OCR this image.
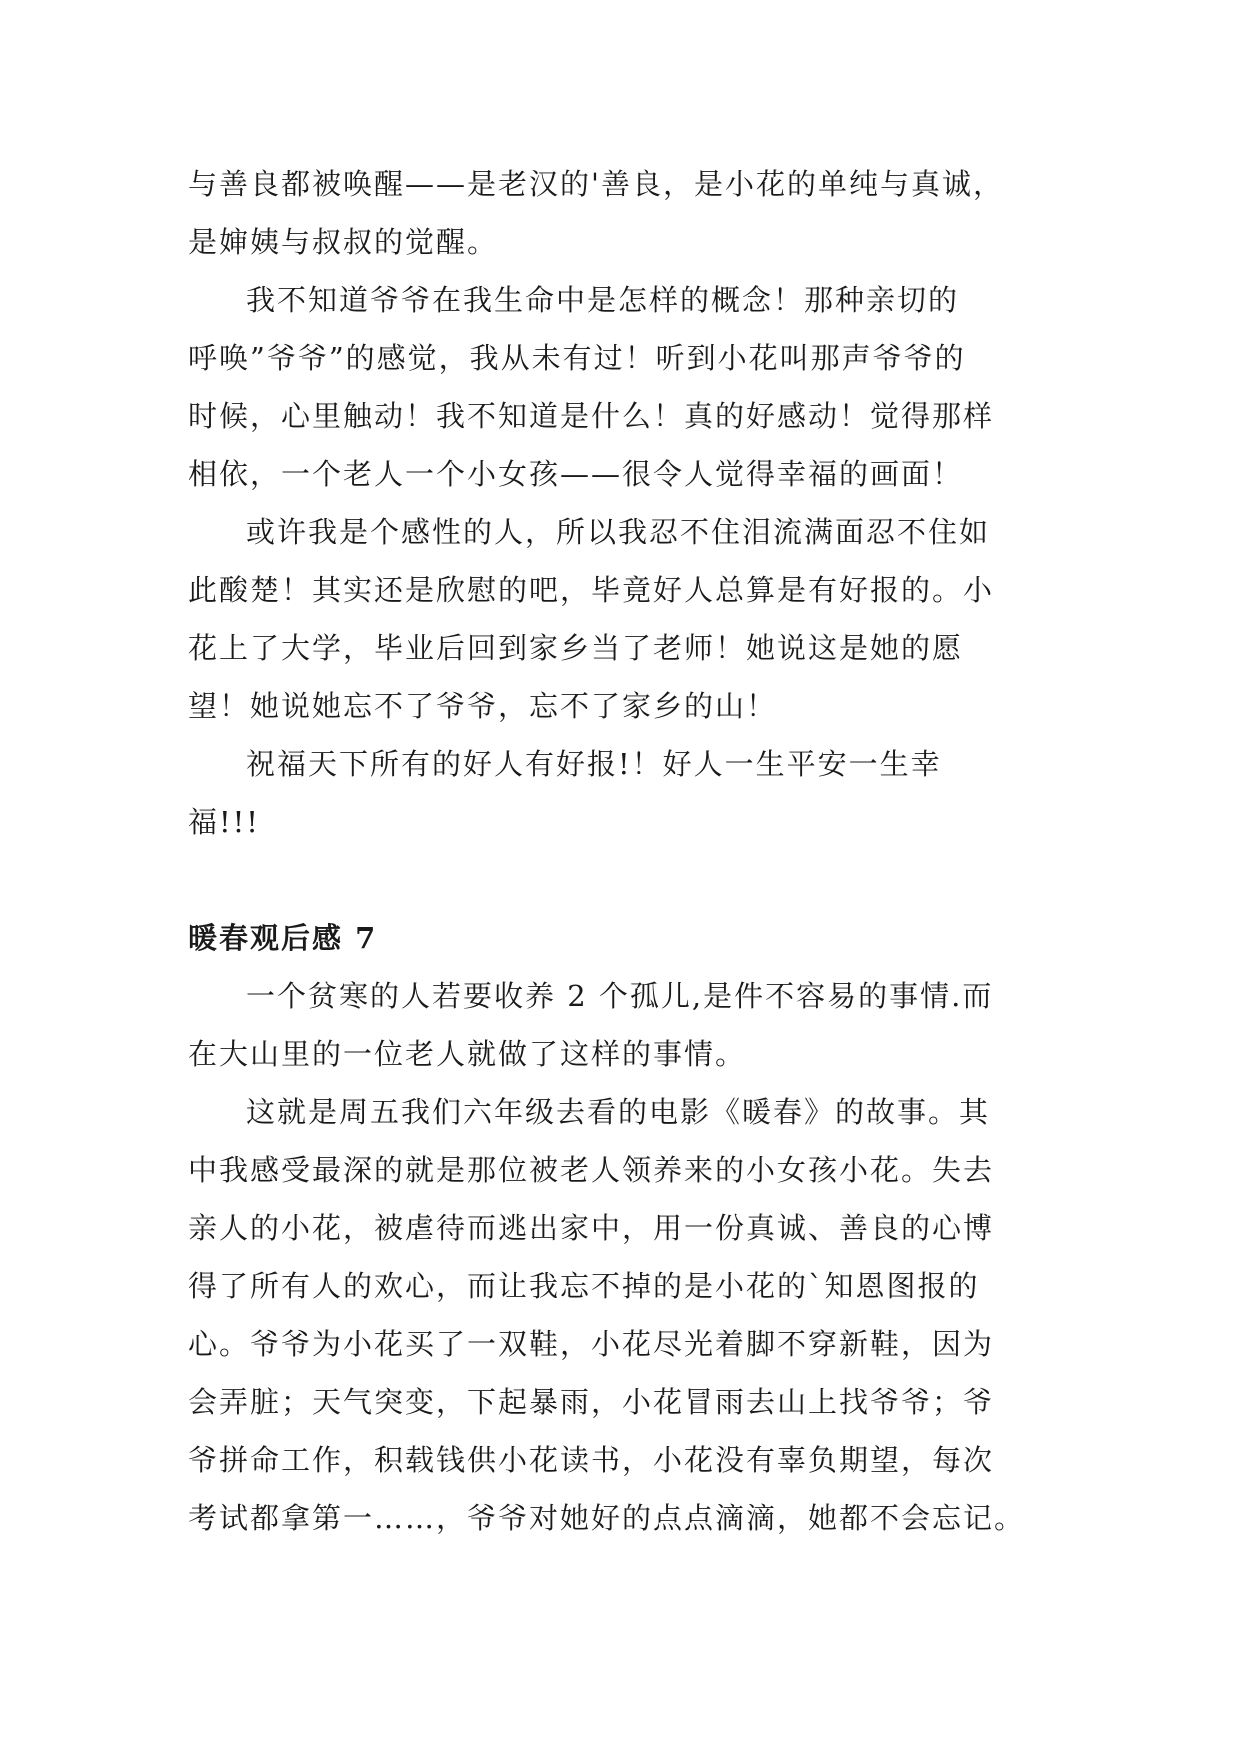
与善良都被唤醒——是老汉的'善良，是小花的单纯与真诚，
是婶姨与叔叔的觉醒。

我不知道爷爷在我生命中是怎样的概念！那种亲切的
呼唤”爷爷”的感觉，我从未有过！听到小花叫那声爷爷的
时候，心里触动！我不知道是什么！真的好感动！觉得那样
相依，一个老人一个小女孩——很令人觉得幸福的画面！

或许我是个感性的人，所以我忍不住泪流满面忍不住如
此酸楚！其实还是欣慰的吧，毕竟好人总算是有好报的。小
花上了大学，毕业后回到家乡当了老师！她说这是她的愿
望！她说她忘不了爷爷，忘不了家乡的山！

祝福天下所有的好人有好报!！好人一生平安一生幸
福!!!

暖春观后感 7

一个贫寒的人若要收养 2 个孤儿,是件不容易的事情.而
在大山里的一位老人就做了这样的事情。

这就是周五我们六年级去看的电影《暖春》的故事。其
中我感受最深的就是那位被老人领养来的小女孩小花。失去
亲人的小花，被虐待而逃出家中，用一份真诚、善良的心博
得了所有人的欢心，而让我忘不掉的是小花的`知恩图报的
心。爷爷为小花买了一双鞋，小花尽光着脚不穿新鞋，因为
会弄脏；天气突变，下起暴雨，小花冒雨去山上找爷爷；爷
爷拼命工作，积载钱供小花读书，小花没有辜负期望，每次
考试都拿第一……，爷爷对她好的点点滴滴，她都不会忘记。
